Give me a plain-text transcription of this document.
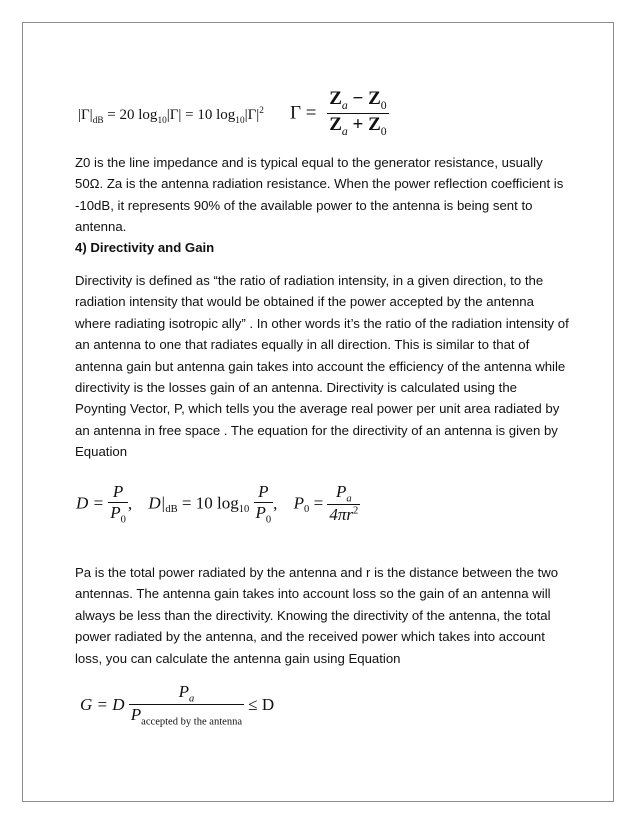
$|\Gamma|_{dB} = 20$ $\log_{10}|\Gamma| = 10$ $\log_{10}|\Gamma|^2$ $\Gamma = \frac{Z_a - Z_0}{Z_a + Z_0}$

Z0 is the line impedance and is typical equal to the generator resistance, usually 50Ω. Za is the antenna radiation resistance. When the power reflection coefficient is -10dB, it represents 90% of the available power to the antenna is being sent to antenna.

4) Directivity and Gain

Directivity is defined as “the ratio of radiation intensity, in a given direction, to the radiation intensity that would be obtained if the power accepted by the antenna where radiating isotropic ally” . In other words it’s the ratio of the radiation intensity of an antenna to one that radiates equally in all direction. This is similar to that of antenna gain but antenna gain takes into account the efficiency of the antenna while directivity is the losses gain of an antenna. Directivity is calculated using the Poynting Vector, P, which tells you the average real power per unit area radiated by an antenna in free space . The equation for the directivity of an antenna is given by Equation

$D = \frac{P}{P_0}$ , $D|_{dB} = 10$ $\log_{10} \frac{P}{P_0}$ , $P_0 = \frac{P_a}{4\pi r^2}$

Pa is the total power radiated by the antenna and r is the distance between the two antennas. The antenna gain takes into account loss so the gain of an antenna will always be less than the directivity. Knowing the directivity of the antenna, the total power radiated by the antenna, and the received power which takes into account loss, you can calculate the antenna gain using Equation

G = D $\frac{P_a}{P_{accepted by the antenna}} \le D$
